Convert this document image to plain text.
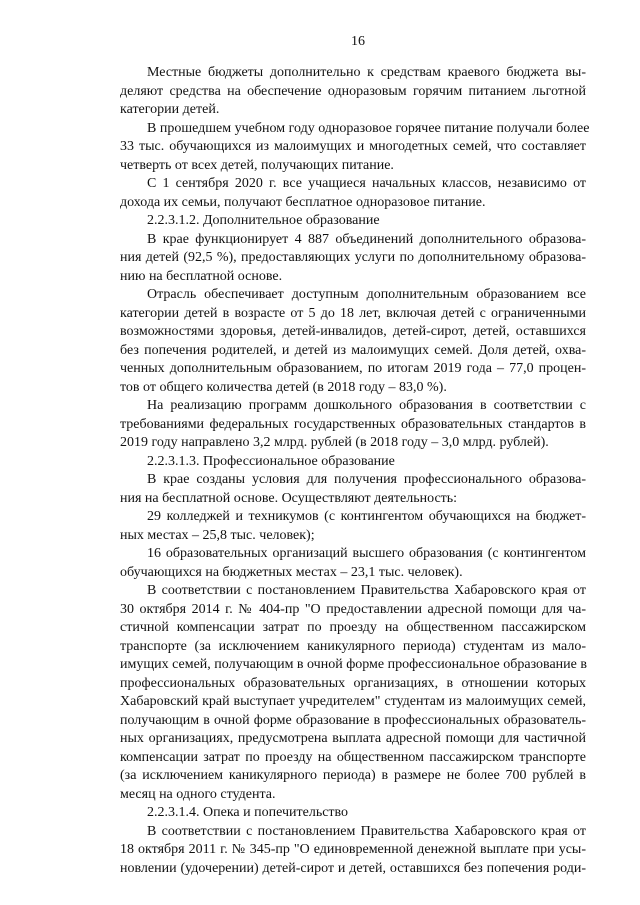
16
Местные бюджеты дополнительно к средствам краевого бюджета вы-
деляют средства на обеспечение одноразовым горячим питанием льготной
категории детей.
В прошедшем учебном году одноразовое горячее питание получали более
33 тыс. обучающихся из малоимущих и многодетных семей, что составляет
четверть от всех детей, получающих питание.
С 1 сентября 2020 г. все учащиеся начальных классов, независимо от
дохода их семьи, получают бесплатное одноразовое питание.
2.2.3.1.2. Дополнительное образование
В крае функционирует 4 887 объединений дополнительного образова-
ния детей (92,5 %), предоставляющих услуги по дополнительному образова-
нию на бесплатной основе.
Отрасль обеспечивает доступным дополнительным образованием все
категории детей в возрасте от 5 до 18 лет, включая детей с ограниченными
возможностями здоровья, детей-инвалидов, детей-сирот, детей, оставшихся
без попечения родителей, и детей из малоимущих семей. Доля детей, охва-
ченных дополнительным образованием, по итогам 2019 года – 77,0 процен-
тов от общего количества детей (в 2018 году – 83,0 %).
На реализацию программ дошкольного образования в соответствии с
требованиями федеральных государственных образовательных стандартов в
2019 году направлено 3,2 млрд. рублей (в 2018 году – 3,0 млрд. рублей).
2.2.3.1.3. Профессиональное образование
В крае созданы условия для получения профессионального образова-
ния на бесплатной основе. Осуществляют деятельность:
29 колледжей и техникумов (с контингентом обучающихся на бюджет-
ных местах – 25,8 тыс. человек);
16 образовательных организаций высшего образования (с контингентом
обучающихся на бюджетных местах – 23,1 тыс. человек).
В соответствии с постановлением Правительства Хабаровского края от
30 октября 2014 г. № 404-пр "О предоставлении адресной помощи для ча-
стичной компенсации затрат по проезду на общественном пассажирском
транспорте (за исключением каникулярного периода) студентам из мало-
имущих семей, получающим в очной форме профессиональное образование в
профессиональных образовательных организациях, в отношении которых
Хабаровский край выступает учредителем" студентам из малоимущих семей,
получающим в очной форме образование в профессиональных образователь-
ных организациях, предусмотрена выплата адресной помощи для частичной
компенсации затрат по проезду на общественном пассажирском транспорте
(за исключением каникулярного периода) в размере не более 700 рублей в
месяц на одного студента.
2.2.3.1.4. Опека и попечительство
В соответствии с постановлением Правительства Хабаровского края от
18 октября 2011 г. № 345-пр "О единовременной денежной выплате при усы-
новлении (удочерении) детей-сирот и детей, оставшихся без попечения роди-
